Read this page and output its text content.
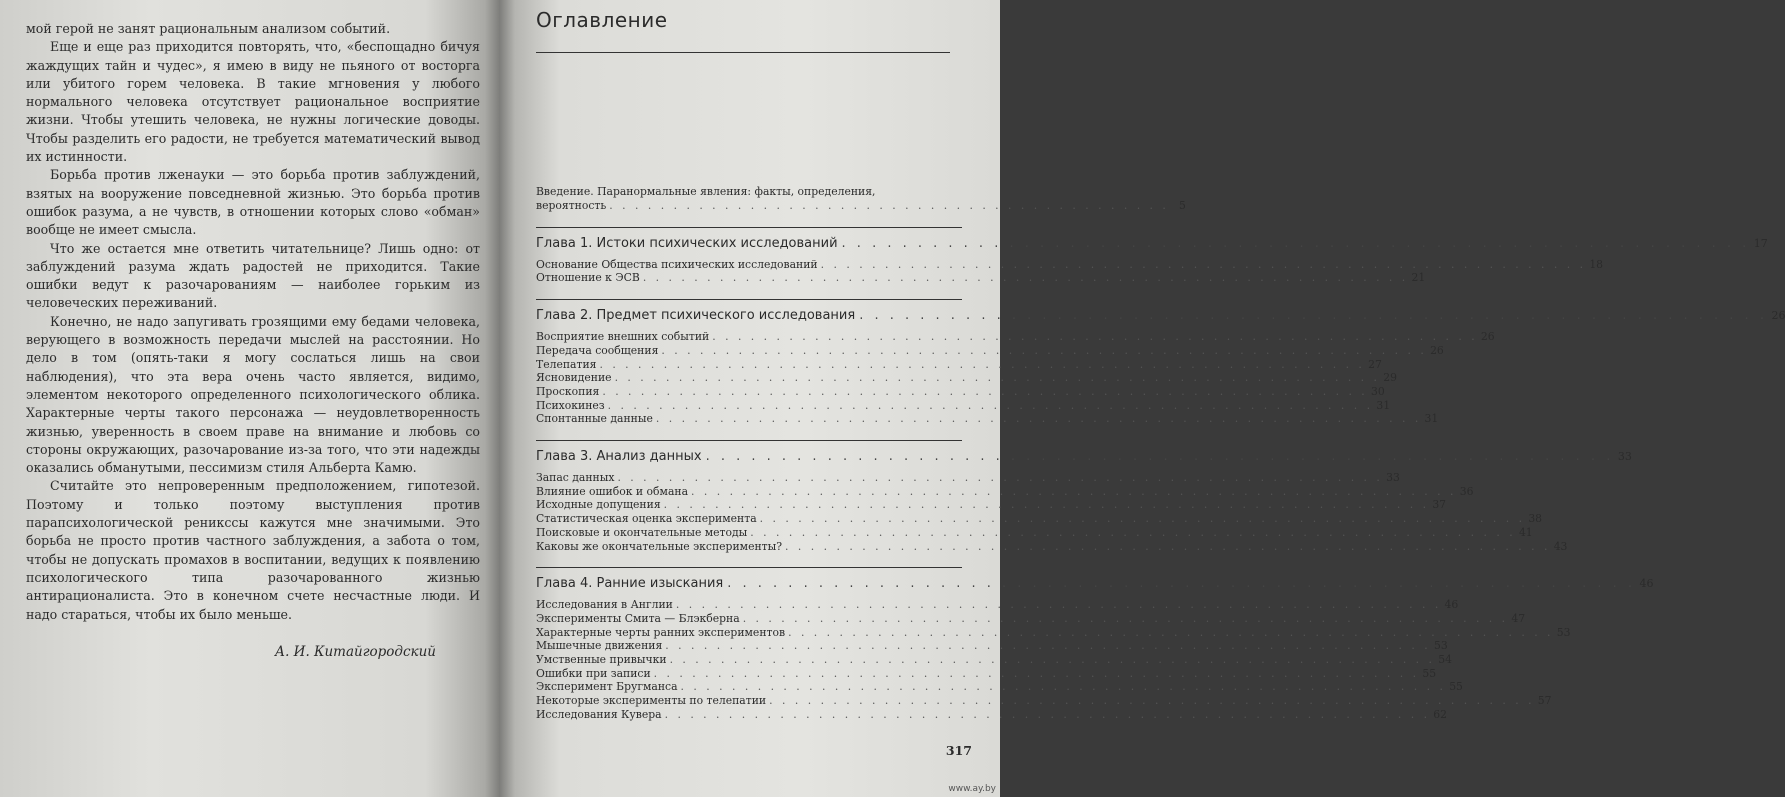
мой герой не занят рациональным анализом событий.

Еще и еще раз приходится повторять, что, «беспощадно бичуя жаждущих тайн и чудес», я имею в виду не пьяного от восторга или убитого горем человека. В такие мгновения у любого нормального человека отсутствует рациональное восприятие жизни. Чтобы утешить человека, не нужны логические доводы. Чтобы разделить его радости, не требуется математический вывод их истинности.

Борьба против лженауки — это борьба против заблуждений, взятых на вооружение повседневной жизнью. Это борьба против ошибок разума, а не чувств, в отношении которых слово «обман» вообще не имеет смысла.

Что же остается мне ответить читательнице? Лишь одно: от заблуждений разума ждать радостей не приходится. Такие ошибки ведут к разочарованиям — наиболее горьким из человеческих переживаний.

Конечно, не надо запугивать грозящими ему бедами человека, верующего в возможность передачи мыслей на расстоянии. Но дело в том (опять-таки я могу сослаться лишь на свои наблюдения), что эта вера очень часто является, видимо, элементом некоторого определенного психологического облика. Характерные черты такого персонажа — неудовлетворенность жизнью, уверенность в своем праве на внимание и любовь со стороны окружающих, разочарование из-за того, что эти надежды оказались обманутыми, пессимизм стиля Альберта Камю.

Считайте это непроверенным предположением, гипотезой. Поэтому и только поэтому выступления против парапсихологической реникссы кажутся мне значимыми. Это борьба не просто против частного заблуждения, а забота о том, чтобы не допускать промахов в воспитании, ведущих к появлению психологического типа разочарованного жизнью антирационалиста. Это в конечном счете несчастные люди. И надо стараться, чтобы их было меньше.

А. И. Китайгородский
Оглавление
Введение. Паранормальные явления: факты, определения,
вероятность . . . . . . . . . . . . . . . . . . . . . . . . . . . . . . . . . . . . . . . . . . . . 5
Глава 1. Истоки психических исследований . . . . . . . . . . . . . . . . . . . . . . . . . . . . . . . . . . . . . . . . . . . . . . . . . . . . . . . . . . . . 17
Основание Общества психических исследований . . . . . . . . . . . . . . . . . . . . . . . . . . . . . . . . . . . . . . . . . . . . . . . . . . . . . . . . . . . . 18
Отношение к ЭСВ . . . . . . . . . . . . . . . . . . . . . . . . . . . . . . . . . . . . . . . . . . . . . . . . . . . . . . . . . . . . 21
Глава 2. Предмет психического исследования . . . . . . . . . . . . . . . . . . . . . . . . . . . . . . . . . . . . . . . . . . . . . . . . . . . . . . . . . . . . 26
Восприятие внешних событий . . . . . . . . . . . . . . . . . . . . . . . . . . . . . . . . . . . . . . . . . . . . . . . . . . . . . . . . . . . . 26
Передача сообщения . . . . . . . . . . . . . . . . . . . . . . . . . . . . . . . . . . . . . . . . . . . . . . . . . . . . . . . . . . . . 26
Телепатия . . . . . . . . . . . . . . . . . . . . . . . . . . . . . . . . . . . . . . . . . . . . . . . . . . . . . . . . . . . . 27
Ясновидение . . . . . . . . . . . . . . . . . . . . . . . . . . . . . . . . . . . . . . . . . . . . . . . . . . . . . . . . . . . . 29
Проскопия . . . . . . . . . . . . . . . . . . . . . . . . . . . . . . . . . . . . . . . . . . . . . . . . . . . . . . . . . . . . 30
Психокинез . . . . . . . . . . . . . . . . . . . . . . . . . . . . . . . . . . . . . . . . . . . . . . . . . . . . . . . . . . . . 31
Спонтанные данные . . . . . . . . . . . . . . . . . . . . . . . . . . . . . . . . . . . . . . . . . . . . . . . . . . . . . . . . . . . . 31
Глава 3. Анализ данных . . . . . . . . . . . . . . . . . . . . . . . . . . . . . . . . . . . . . . . . . . . . . . . . . . . . . . . . . . . . 33
Запас данных . . . . . . . . . . . . . . . . . . . . . . . . . . . . . . . . . . . . . . . . . . . . . . . . . . . . . . . . . . . . 33
Влияние ошибок и обмана . . . . . . . . . . . . . . . . . . . . . . . . . . . . . . . . . . . . . . . . . . . . . . . . . . . . . . . . . . . . 36
Исходные допущения . . . . . . . . . . . . . . . . . . . . . . . . . . . . . . . . . . . . . . . . . . . . . . . . . . . . . . . . . . . . 37
Статистическая оценка эксперимента . . . . . . . . . . . . . . . . . . . . . . . . . . . . . . . . . . . . . . . . . . . . . . . . . . . . . . . . . . . . 38
Поисковые и окончательные методы . . . . . . . . . . . . . . . . . . . . . . . . . . . . . . . . . . . . . . . . . . . . . . . . . . . . . . . . . . . . 41
Каковы же окончательные эксперименты? . . . . . . . . . . . . . . . . . . . . . . . . . . . . . . . . . . . . . . . . . . . . . . . . . . . . . . . . . . . . 43
Глава 4. Ранние изыскания . . . . . . . . . . . . . . . . . . . . . . . . . . . . . . . . . . . . . . . . . . . . . . . . . . . . . . . . . . . . 46
Исследования в Англии . . . . . . . . . . . . . . . . . . . . . . . . . . . . . . . . . . . . . . . . . . . . . . . . . . . . . . . . . . . . 46
Эксперименты Смита — Блэкберна . . . . . . . . . . . . . . . . . . . . . . . . . . . . . . . . . . . . . . . . . . . . . . . . . . . . . . . . . . . . 47
Характерные черты ранних экспериментов . . . . . . . . . . . . . . . . . . . . . . . . . . . . . . . . . . . . . . . . . . . . . . . . . . . . . . . . . . . . 53
Мышечные движения . . . . . . . . . . . . . . . . . . . . . . . . . . . . . . . . . . . . . . . . . . . . . . . . . . . . . . . . . . . . 53
Умственные привычки . . . . . . . . . . . . . . . . . . . . . . . . . . . . . . . . . . . . . . . . . . . . . . . . . . . . . . . . . . . . 54
Ошибки при записи . . . . . . . . . . . . . . . . . . . . . . . . . . . . . . . . . . . . . . . . . . . . . . . . . . . . . . . . . . . . 55
Эксперимент Бругманса . . . . . . . . . . . . . . . . . . . . . . . . . . . . . . . . . . . . . . . . . . . . . . . . . . . . . . . . . . . . 55
Некоторые эксперименты по телепатии . . . . . . . . . . . . . . . . . . . . . . . . . . . . . . . . . . . . . . . . . . . . . . . . . . . . . . . . . . . . 57
Исследования Кувера . . . . . . . . . . . . . . . . . . . . . . . . . . . . . . . . . . . . . . . . . . . . . . . . . . . . . . . . . . . . 62
317
www.ay.by
